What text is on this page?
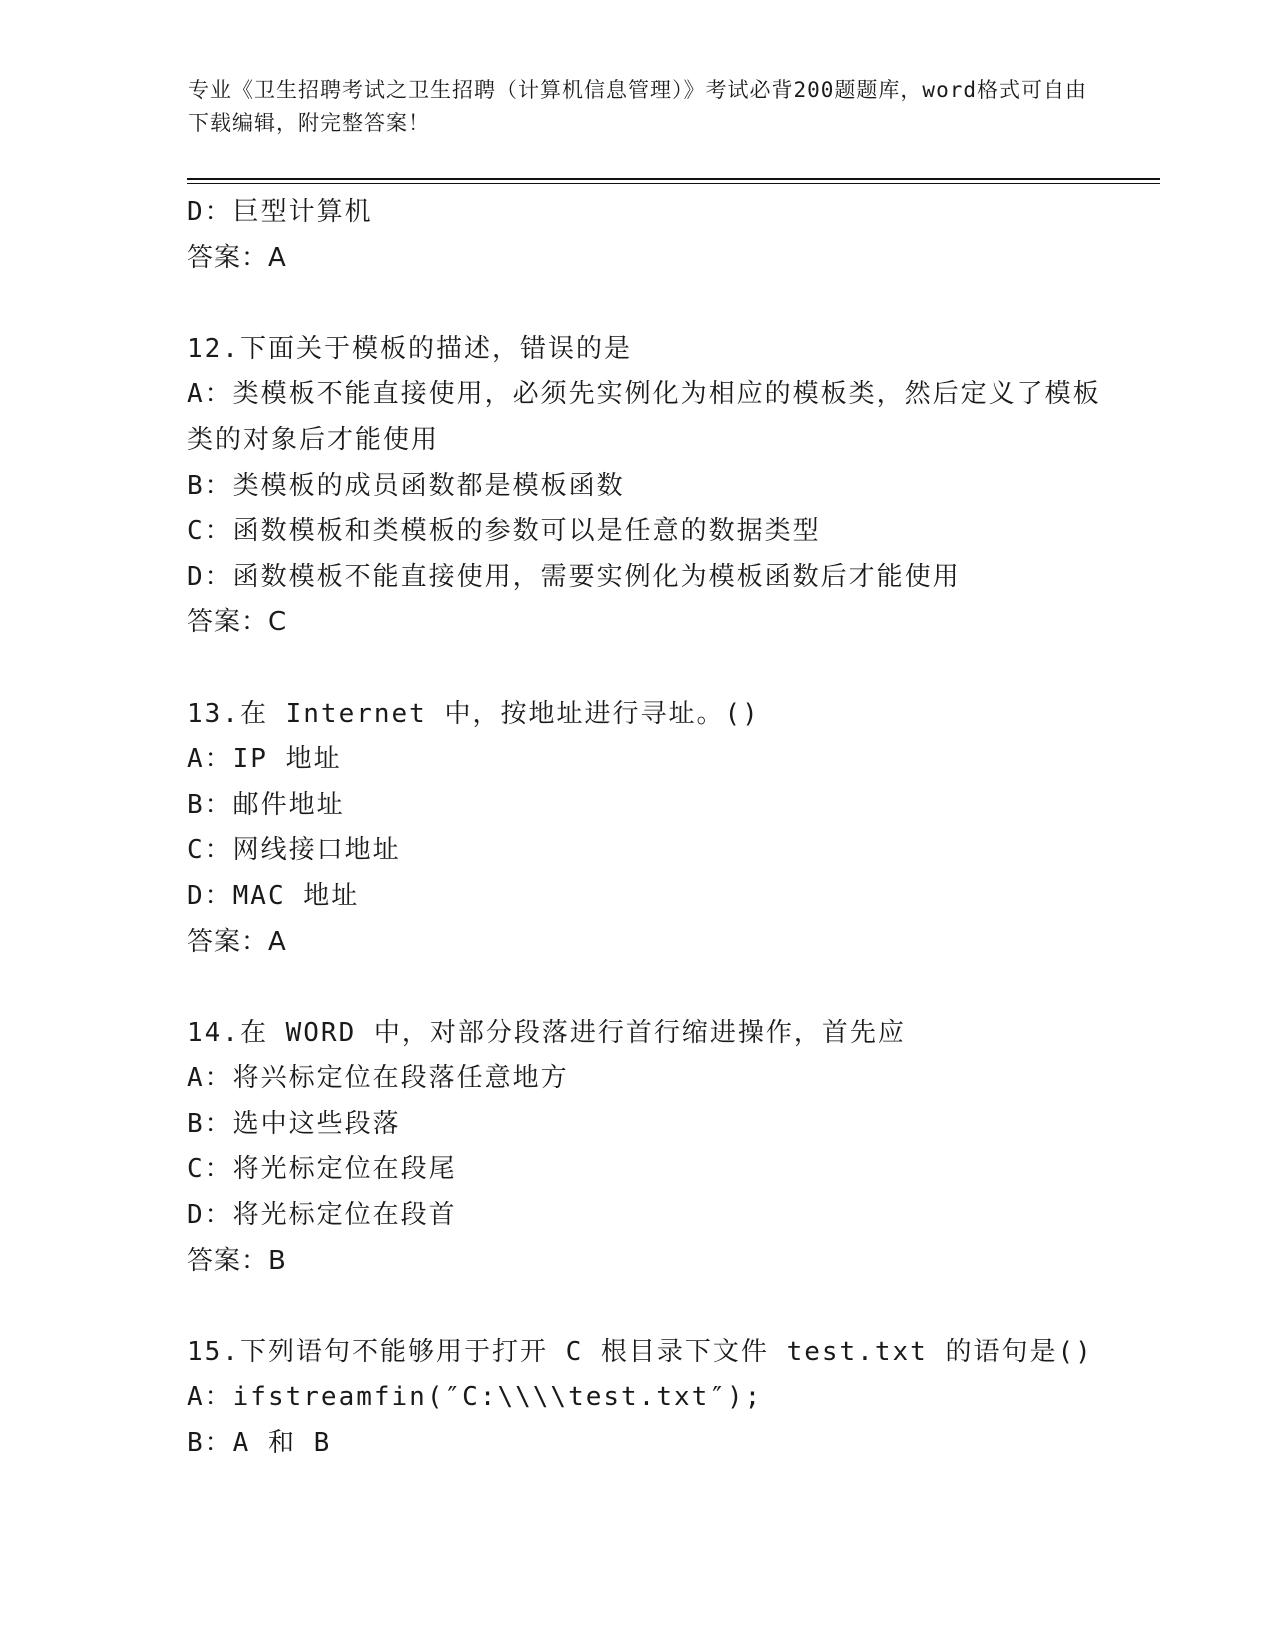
专业《卫生招聘考试之卫生招聘（计算机信息管理）》考试必背200题题库，word格式可自由下载编辑，附完整答案！
D：巨型计算机
答案：A
12.下面关于模板的描述，错误的是
A：类模板不能直接使用，必须先实例化为相应的模板类，然后定义了模板类的对象后才能使用
B：类模板的成员函数都是模板函数
C：函数模板和类模板的参数可以是任意的数据类型
D：函数模板不能直接使用，需要实例化为模板函数后才能使用
答案：C
13.在 Internet 中，按地址进行寻址。()
A：IP 地址
B：邮件地址
C：网线接口地址
D：MAC 地址
答案：A
14.在 WORD 中，对部分段落进行首行缩进操作，首先应
A：将兴标定位在段落任意地方
B：选中这些段落
C：将光标定位在段尾
D：将光标定位在段首
答案：B
15.下列语句不能够用于打开 C 根目录下文件 test.txt 的语句是()
A：ifstreamfin(″C:\\\\test.txt″);
B：A 和 B
